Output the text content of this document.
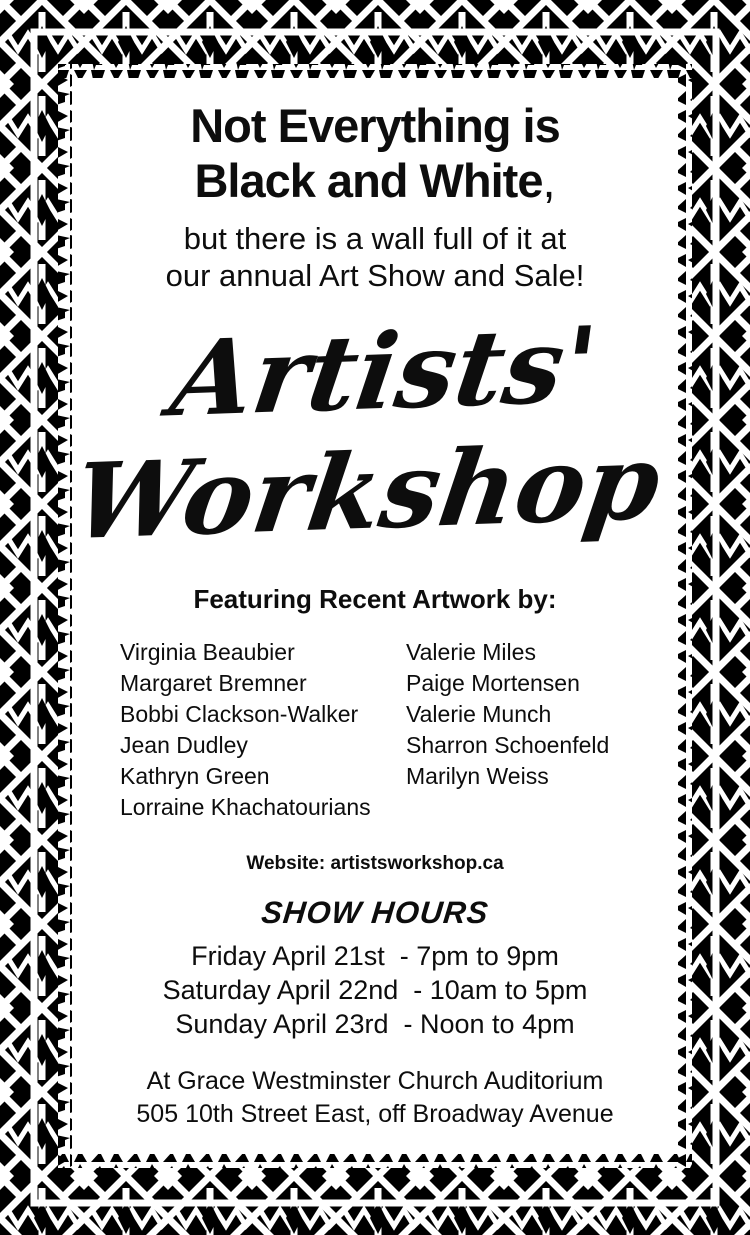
Not Everything is
Black and White,
but there is a wall full of it at
our annual Art Show and Sale!
Artists'
Workshop
Featuring Recent Artwork by:
Virginia Beaubier
Margaret Bremner
Bobbi Clackson-Walker
Jean Dudley
Kathryn Green
Lorraine Khachatourians
Valerie Miles
Paige Mortensen
Valerie Munch
Sharron Schoenfeld
Marilyn Weiss
Website: artistsworkshop.ca
SHOW HOURS
Friday April 21st  - 7pm to 9pm
Saturday April 22nd  - 10am to 5pm
Sunday April 23rd  - Noon to 4pm
At Grace Westminster Church Auditorium
505 10th Street East, off Broadway Avenue
